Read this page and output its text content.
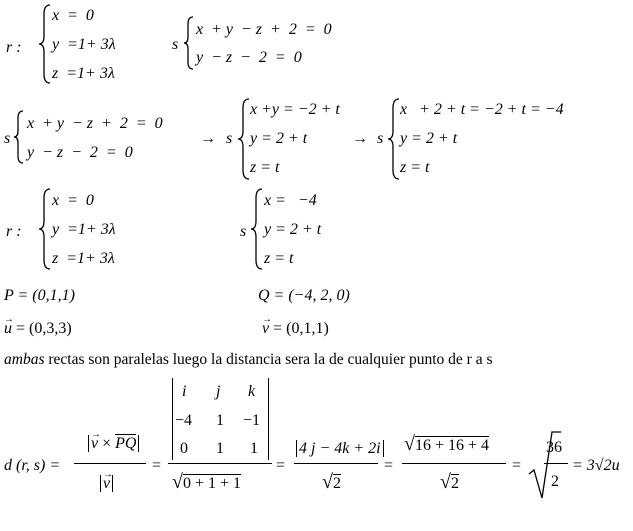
r :
x  =  0
y  =1+ 3λ
z  =1+ 3λ
s
x  + y  − z  +  2  =  0
y  − z  −  2  =  0
s
x  + y  − z  +  2  =  0
y  − z  −  2  =  0
→ s
x +y = −2 + t
y = 2 + t
z = t
→ s
x   + 2 + t = −2 + t = −4
y = 2 + t
z = t
r :
x  =  0
y  =1+ 3λ
z  =1+ 3λ
s
x =   −4
y = 2 + t
z = t
P = (0,1,1)	Q = (−4, 2, 0)
→ u = (0,3,3)
→	v = (0,1,1)
ambas rectas son paralelas luego la distancia sera la de cualquier punto de r a s
d (r, s) =
→ v × PQ
→ v
=
i j k
−4 1 −1
0 1 1
√0 + 1 + 1
=
4 j − 4k + 2i
√2
=
√16 + 16 + 4
√2
=
36
2
= 3√2u
